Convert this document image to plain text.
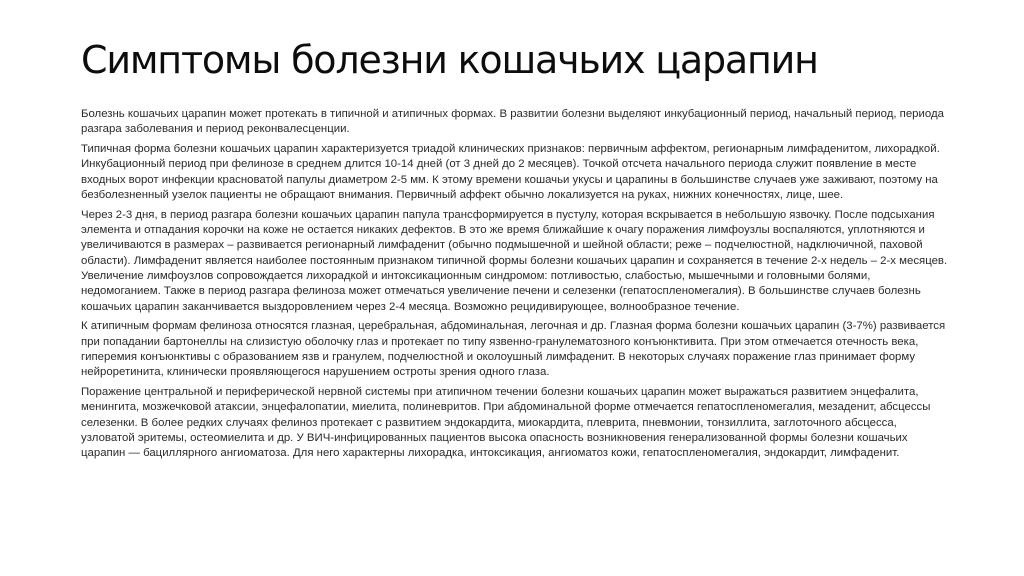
Симптомы болезни кошачьих царапин

Болезнь кошачьих царапин может протекать в типичной и атипичных формах. В развитии болезни выделяют инкубационный период, начальный период, периода разгара заболевания и период реконвалесценции.

Типичная форма болезни кошачьих царапин характеризуется триадой клинических признаков: первичным аффектом, регионарным лимфаденитом, лихорадкой. Инкубационный период при фелинозе в среднем длится 10-14 дней (от 3 дней до 2 месяцев). Точкой отсчета начального периода служит появление в месте входных ворот инфекции красноватой папулы диаметром 2-5 мм. К этому времени кошачьи укусы и царапины в большинстве случаев уже заживают, поэтому на безболезненный узелок пациенты не обращают внимания. Первичный аффект обычно локализуется на руках, нижних конечностях, лице, шее.

Через 2-3 дня, в период разгара болезни кошачьих царапин папула трансформируется в пустулу, которая вскрывается в небольшую язвочку. После подсыхания элемента и отпадания корочки на коже не остается никаких дефектов. В это же время ближайшие к очагу поражения лимфоузлы воспаляются, уплотняются и увеличиваются в размерах – развивается регионарный лимфаденит (обычно подмышечной и шейной области; реже – подчелюстной, надключичной, паховой области). Лимфаденит является наиболее постоянным признаком типичной формы болезни кошачьих царапин и сохраняется в течение 2-х недель – 2-х месяцев. Увеличение лимфоузлов сопровождается лихорадкой и интоксикационным синдромом: потливостью, слабостью, мышечными и головными болями, недомоганием. Также в период разгара фелиноза может отмечаться увеличение печени и селезенки (гепатоспленомегалия). В большинстве случаев болезнь кошачьих царапин заканчивается выздоровлением через 2-4 месяца. Возможно рецидивирующее, волнообразное течение.

К атипичным формам фелиноза относятся глазная, церебральная, абдоминальная, легочная и др. Глазная форма болезни кошачьих царапин (3-7%) развивается при попадании бартонеллы на слизистую оболочку глаз и протекает по типу язвенно-гранулематозного конъюнктивита. При этом отмечается отечность века, гиперемия конъюнктивы с образованием язв и гранулем, подчелюстной и околоушный лимфаденит. В некоторых случаях поражение глаз принимает форму нейроретинита, клинически проявляющегося нарушением остроты зрения одного глаза.

Поражение центральной и периферической нервной системы при атипичном течении болезни кошачьих царапин может выражаться развитием энцефалита, менингита, мозжечковой атаксии, энцефалопатии, миелита, полиневритов. При абдоминальной форме отмечается гепатоспленомегалия, мезаденит, абсцессы селезенки. В более редких случаях фелиноз протекает с развитием эндокардита, миокардита, плеврита, пневмонии, тонзиллита, заглоточного абсцесса, узловатой эритемы, остеомиелита и др. У ВИЧ-инфицированных пациентов высока опасность возникновения генерализованной формы болезни кошачьих царапин — бациллярного ангиоматоза. Для него характерны лихорадка, интоксикация, ангиоматоз кожи, гепатоспленомегалия, эндокардит, лимфаденит.
